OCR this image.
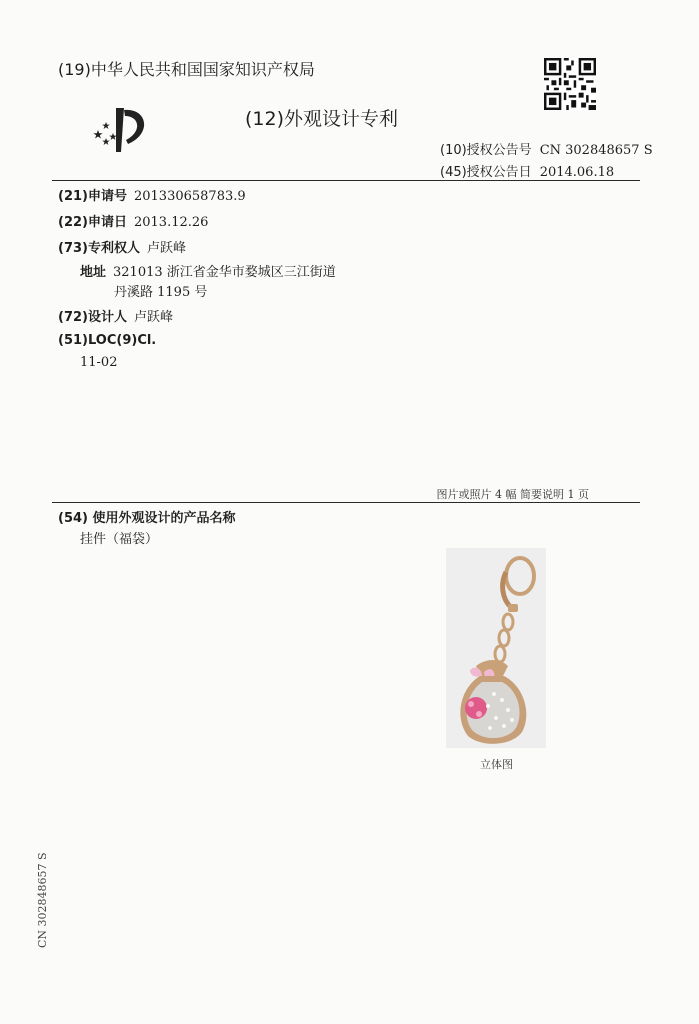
(19)中华人民共和国国家知识产权局
(12)外观设计专利
(10)授权公告号 CN 302848657 S
(45)授权公告日 2014.06.18
(21)申请号 201330658783.9
(22)申请日 2013.12.26
(73)专利权人 卢跃峰
地址 321013 浙江省金华市婺城区三江街道
丹溪路 1195 号
(72)设计人 卢跃峰
(51)LOC(9)Cl.
11-02
图片或照片 4 幅 简要说明 1 页
(54) 使用外观设计的产品名称
挂件（福袋）
立体图
CN 302848657 S
